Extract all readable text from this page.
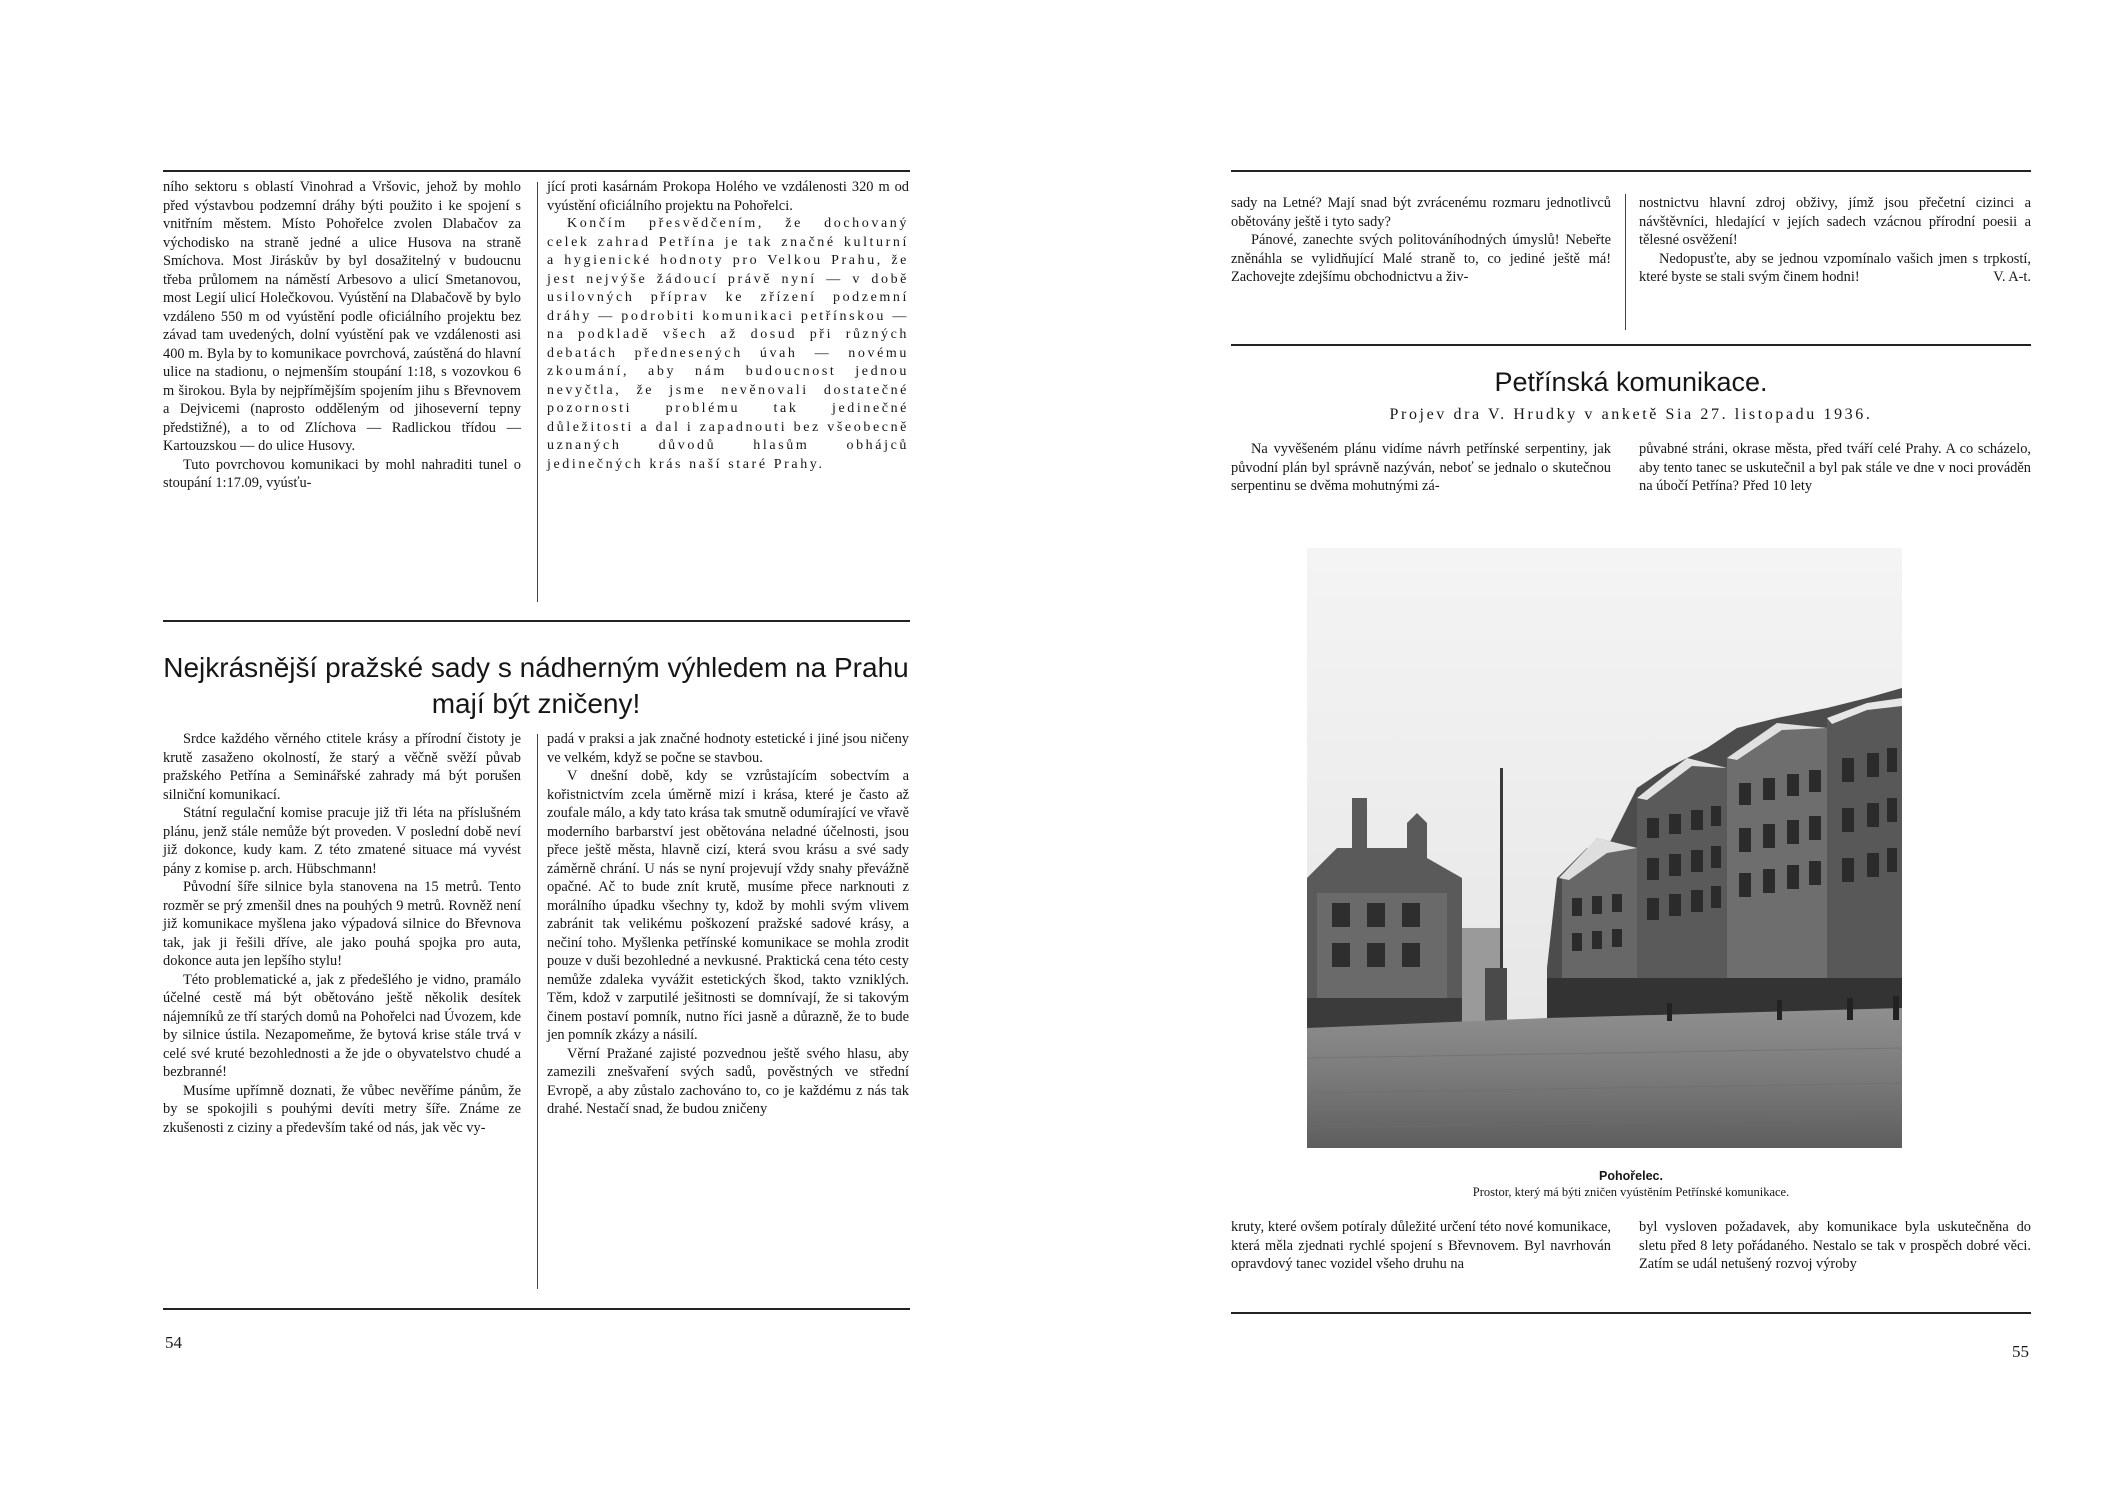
ního sektoru s oblastí Vinohrad a Vršovic, jehož by mohlo před výstavbou podzemní dráhy býti použito i ke spojení s vnitřním městem. Místo Pohořelce zvolen Dlabačov za východisko na straně jedné a ulice Husova na straně Smíchova. Most Jiráskův by byl dosažitelný v budoucnu třeba průlomem na náměstí Arbesovo a ulicí Smetanovou, most Legií ulicí Holečkovou. Vyústění na Dlabačově by bylo vzdáleno 550 m od vyústění podle oficiálního projektu bez závad tam uvedených, dolní vyústění pak ve vzdálenosti asi 400 m. Byla by to komunikace povrchová, zaústěná do hlavní ulice na stadionu, o nejmenším stoupání 1:18, s vozovkou 6 m širokou. Byla by nejpřímějším spojením jihu s Břevnovem a Dejvicemi (naprosto odděleným od jihoseverní tepny předstižné), a to od Zlíchova — Radlickou třídou — Kartouzskou — do ulice Husovy.

Tuto povrchovou komunikaci by mohl nahraditi tunel o stoupání 1:17.09, vyúsťu-

jící proti kasárnám Prokopa Holého ve vzdálenosti 320 m od vyústění oficiálního projektu na Pohořelci.

Končím přesvědčením, že dochovaný celek zahrad Petřína je tak značné kulturní a hygienické hodnoty pro Velkou Prahu, že jest nejvýše žádoucí právě nyní — v době usilovných příprav ke zřízení podzemní dráhy — podrobiti komunikaci petřínskou — na podkladě všech až dosud při různých debatách přednesených úvah — novému zkoumání, aby nám budoucnost jednou nevyčtla, že jsme nevěnovali dostatečné pozornosti problému tak jedinečné důležitosti a dal i zapadnouti bez všeobecně uznaných důvodů hlasům obhájců jedinečných krás naší staré Prahy.

Nejkrásnější pražské sady s nádherným výhledem na Prahu
mají být zničeny!

Srdce každého věrného ctitele krásy a přírodní čistoty je krutě zasaženo okolností, že starý a věčně svěží půvab pražského Petřína a Seminářské zahrady má být porušen silniční komunikací.

Státní regulační komise pracuje již tři léta na příslušném plánu, jenž stále nemůže být proveden. V poslední době neví již dokonce, kudy kam. Z této zmatené situace má vyvést pány z komise p. arch. Hübschmann!

Původní šíře silnice byla stanovena na 15 metrů. Tento rozměr se prý zmenšil dnes na pouhých 9 metrů. Rovněž není již komunikace myšlena jako výpadová silnice do Břevnova tak, jak ji řešili dříve, ale jako pouhá spojka pro auta, dokonce auta jen lepšího stylu!

Této problematické a, jak z předešlého je vidno, pramálo účelné cestě má být obětováno ještě několik desítek nájemníků ze tří starých domů na Pohořelci nad Úvozem, kde by silnice ústila. Nezapomeňme, že bytová krise stále trvá v celé své kruté bezohlednosti a že jde o obyvatelstvo chudé a bezbranné!

Musíme upřímně doznati, že vůbec nevěříme pánům, že by se spokojili s pouhými devíti metry šíře. Známe ze zkušenosti z ciziny a především také od nás, jak věc vy-

padá v praksi a jak značné hodnoty estetické i jiné jsou ničeny ve velkém, když se počne se stavbou.

V dnešní době, kdy se vzrůstajícím sobectvím a kořistnictvím zcela úměrně mizí i krása, které je často až zoufale málo, a kdy tato krása tak smutně odumírající ve vřavě moderního barbarství jest obětována neladné účelnosti, jsou přece ještě města, hlavně cizí, která svou krásu a své sady záměrně chrání. U nás se nyní projevují vždy snahy převážně opačné. Ač to bude znít krutě, musíme přece narknouti z morálního úpadku všechny ty, kdož by mohli svým vlivem zabránit tak velikému poškození pražské sadové krásy, a nečiní toho. Myšlenka petřínské komunikace se mohla zrodit pouze v duši bezohledné a nevkusné. Praktická cena této cesty nemůže zdaleka vyvážit estetických škod, takto vzniklých. Těm, kdož v zarputilé ješitnosti se domnívají, že si takovým činem postaví pomník, nutno říci jasně a důrazně, že to bude jen pomník zkázy a násilí.

Věrní Pražané zajisté pozvednou ještě svého hlasu, aby zamezili znešvaření svých sadů, pověstných ve střední Evropě, a aby zůstalo zachováno to, co je každému z nás tak drahé. Nestačí snad, že budou zničeny

54

sady na Letné? Mají snad být zvrácenému rozmaru jednotlivců obětovány ještě i tyto sady?

Pánové, zanechte svých politováníhodných úmyslů! Nebeřte zněnáhla se vylidňující Malé straně to, co jediné ještě má! Zachovejte zdejšímu obchodnictvu a živ-

nostnictvu hlavní zdroj obživy, jímž jsou přečetní cizinci a návštěvníci, hledající v jejích sadech vzácnou přírodní poesii a tělesné osvěžení!

Nedopusťte, aby se jednou vzpomínalo vašich jmen s trpkostí, které byste se stali svým činem hodni!	V. A-t.

Petřínská komunikace.
Projev dra V. Hrudky v anketě Sia 27. listopadu 1936.

Na vyvěšeném plánu vidíme návrh petřínské serpentiny, jak původní plán byl správně nazýván, neboť se jednalo o skutečnou serpentinu se dvěma mohutnými zá-

půvabné stráni, okrase města, před tváří celé Prahy. A co scházelo, aby tento tanec se uskutečnil a byl pak stále ve dne v noci prováděn na úbočí Petřína? Před 10 lety

Pohořelec.
Prostor, který má býti zničen vyústěním Petřínské komunikace.

kruty, které ovšem potíraly důležité určení této nové komunikace, která měla zjednati rychlé spojení s Břevnovem. Byl navrhován opravdový tanec vozidel všeho druhu na

byl vysloven požadavek, aby komunikace byla uskutečněna do sletu před 8 lety pořádaného. Nestalo se tak v prospěch dobré věci. Zatím se udál netušený rozvoj výroby

55
